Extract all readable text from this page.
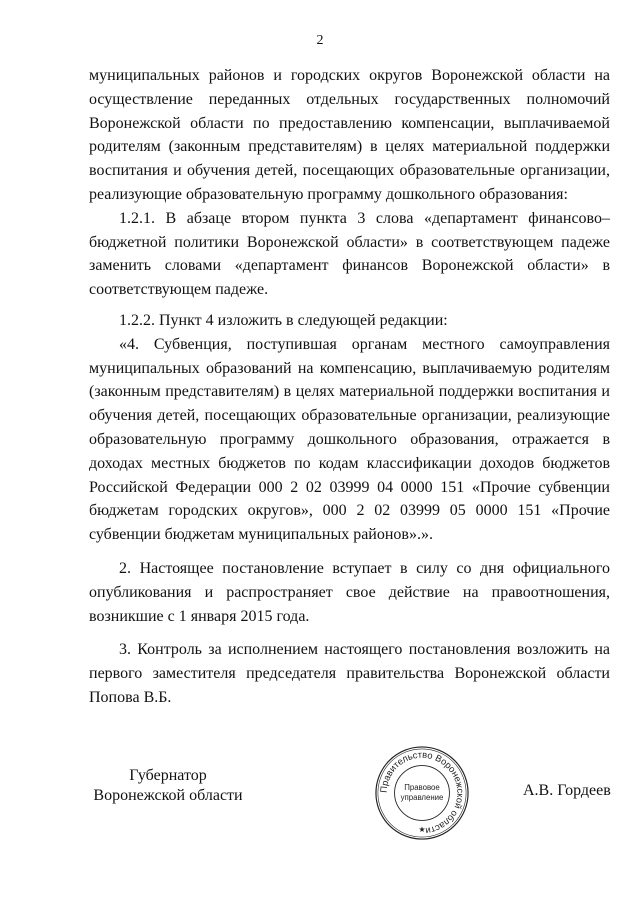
2

муниципальных районов и городских округов Воронежской области на осуществление переданных отдельных государственных полномочий Воронежской области по предоставлению компенсации, выплачиваемой родителям (законным представителям) в целях материальной поддержки воспитания и обучения детей, посещающих образовательные организации, реализующие образовательную программу дошкольного образования:

1.2.1. В абзаце втором пункта 3 слова «департамент финансово–бюджетной политики Воронежской области» в соответствующем падеже заменить словами «департамент финансов Воронежской области» в соответствующем падеже.

1.2.2. Пункт 4 изложить в следующей редакции:

«4. Субвенция, поступившая органам местного самоуправления муниципальных образований на компенсацию, выплачиваемую родителям (законным представителям) в целях материальной поддержки воспитания и обучения детей, посещающих образовательные организации, реализующие образовательную программу дошкольного образования, отражается в доходах местных бюджетов по кодам классификации доходов бюджетов Российской Федерации 000 2 02 03999 04 0000 151 «Прочие субвенции бюджетам городских округов», 000 2 02 03999 05 0000 151 «Прочие субвенции бюджетам муниципальных районов».».

2. Настоящее постановление вступает в силу со дня официального опубликования и распространяет свое действие на правоотношения, возникшие с 1 января 2015 года.

3. Контроль за исполнением настоящего постановления возложить на первого заместителя председателя правительства Воронежской области Попова В.Б.

Губернатор
Воронежской области	Правительство Воронежской области
Правовое
управление
★
А.В. Гордеев
